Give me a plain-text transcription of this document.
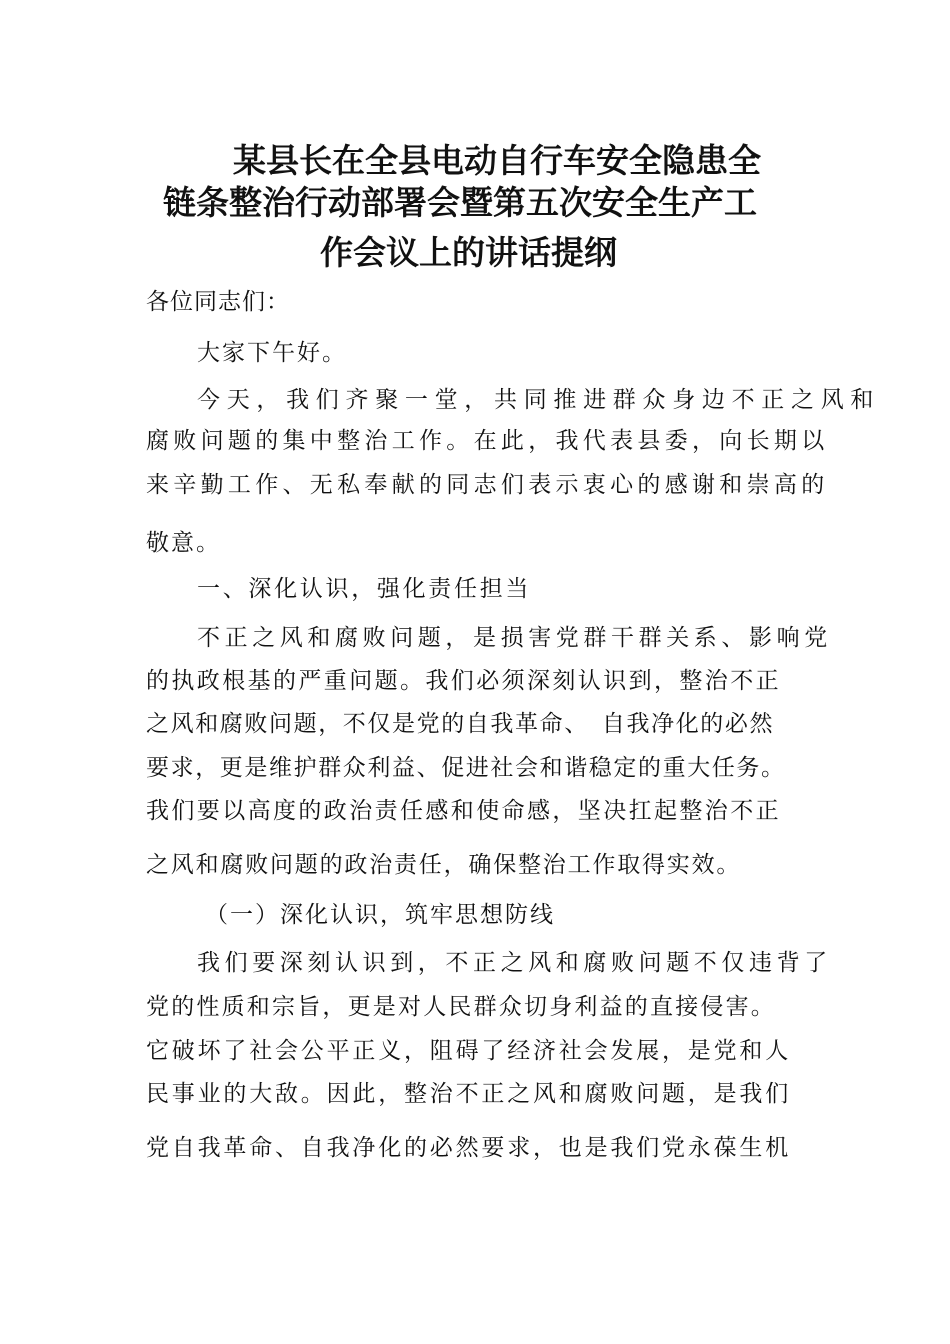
某县长在全县电动自行车安全隐患全
链条整治行动部署会暨第五次安全生产工
作会议上的讲话提纲
各位同志们：
大家下午好。
今天，我们齐聚一堂，共同推进群众身边不正之风和
腐败问题的集中整治工作。在此，我代表县委，向长期以
来辛勤工作、无私奉献的同志们表示衷心的感谢和崇高的
敬意。
一、深化认识，强化责任担当
不正之风和腐败问题，是损害党群干群关系、影响党
的执政根基的严重问题。我们必须深刻认识到，整治不正
之风和腐败问题，不仅是党的自我革命、　自我净化的必然
要求，更是维护群众利益、促进社会和谐稳定的重大任务。
我们要以高度的政治责任感和使命感，坚决扛起整治不正
之风和腐败问题的政治责任，确保整治工作取得实效。
（一）深化认识，筑牢思想防线
我们要深刻认识到，不正之风和腐败问题不仅违背了
党的性质和宗旨，更是对人民群众切身利益的直接侵害。
它破坏了社会公平正义，阻碍了经济社会发展，是党和人
民事业的大敌。因此，整治不正之风和腐败问题，是我们
党自我革命、自我净化的必然要求，也是我们党永葆生机
